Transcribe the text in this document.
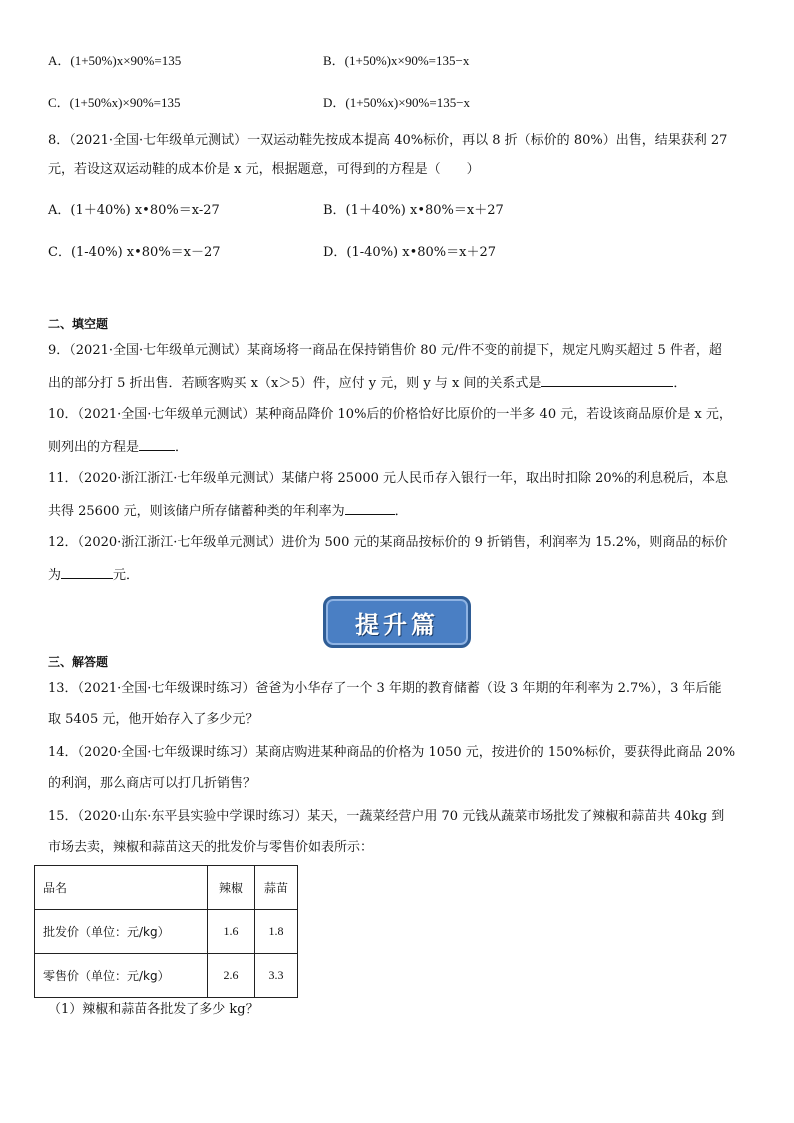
A．(1+50%)x×90%=135	B．(1+50%)x×90%=135−x
C．(1+50%x)×90%=135	D．(1+50%x)×90%=135−x
8．（2021·全国·七年级单元测试）一双运动鞋先按成本提高 40%标价，再以 8 折（标价的 80%）出售，结果获利 27
元，若设这双运动鞋的成本价是 x 元，根据题意，可得到的方程是（　　）
A．(1＋40%) x•80%＝x-27	B．(1＋40%) x•80%＝x＋27
C．(1-40%) x•80%＝x－27	D．(1-40%) x•80%＝x＋27
二、填空题
9．（2021·全国·七年级单元测试）某商场将一商品在保持销售价 80 元/件不变的前提下，规定凡购买超过 5 件者，超
出的部分打 5 折出售．若顾客购买 x（x＞5）件，应付 y 元，则 y 与 x 间的关系式是	．
10．（2021·全国·七年级单元测试）某种商品降价 10%后的价格恰好比原价的一半多 40 元，若设该商品原价是 x 元，
则列出的方程是	．
11．（2020·浙江浙江·七年级单元测试）某储户将 25000 元人民币存入银行一年，取出时扣除 20%的利息税后，本息
共得 25600 元，则该储户所存储蓄种类的年利率为	．
12．（2020·浙江浙江·七年级单元测试）进价为 500 元的某商品按标价的 9 折销售，利润率为 15.2%，则商品的标价
为	元．
提升篇
三、解答题
13．（2021·全国·七年级课时练习）爸爸为小华存了一个 3 年期的教育储蓄（设 3 年期的年利率为 2.7%），3 年后能
取 5405 元，他开始存入了多少元？
14．（2020·全国·七年级课时练习）某商店购进某种商品的价格为 1050 元，按进价的 150%标价，要获得此商品 20%
的利润，那么商店可以打几折销售？
15．（2020·山东·东平县实验中学课时练习）某天，一蔬菜经营户用 70 元钱从蔬菜市场批发了辣椒和蒜苗共 40kg 到
市场去卖，辣椒和蒜苗这天的批发价与零售价如表所示：
品名	辣椒	蒜苗
批发价（单位：元/kg）	1.6	1.8
零售价（单位：元/kg）	2.6	3.3
（1）辣椒和蒜苗各批发了多少 kg？
